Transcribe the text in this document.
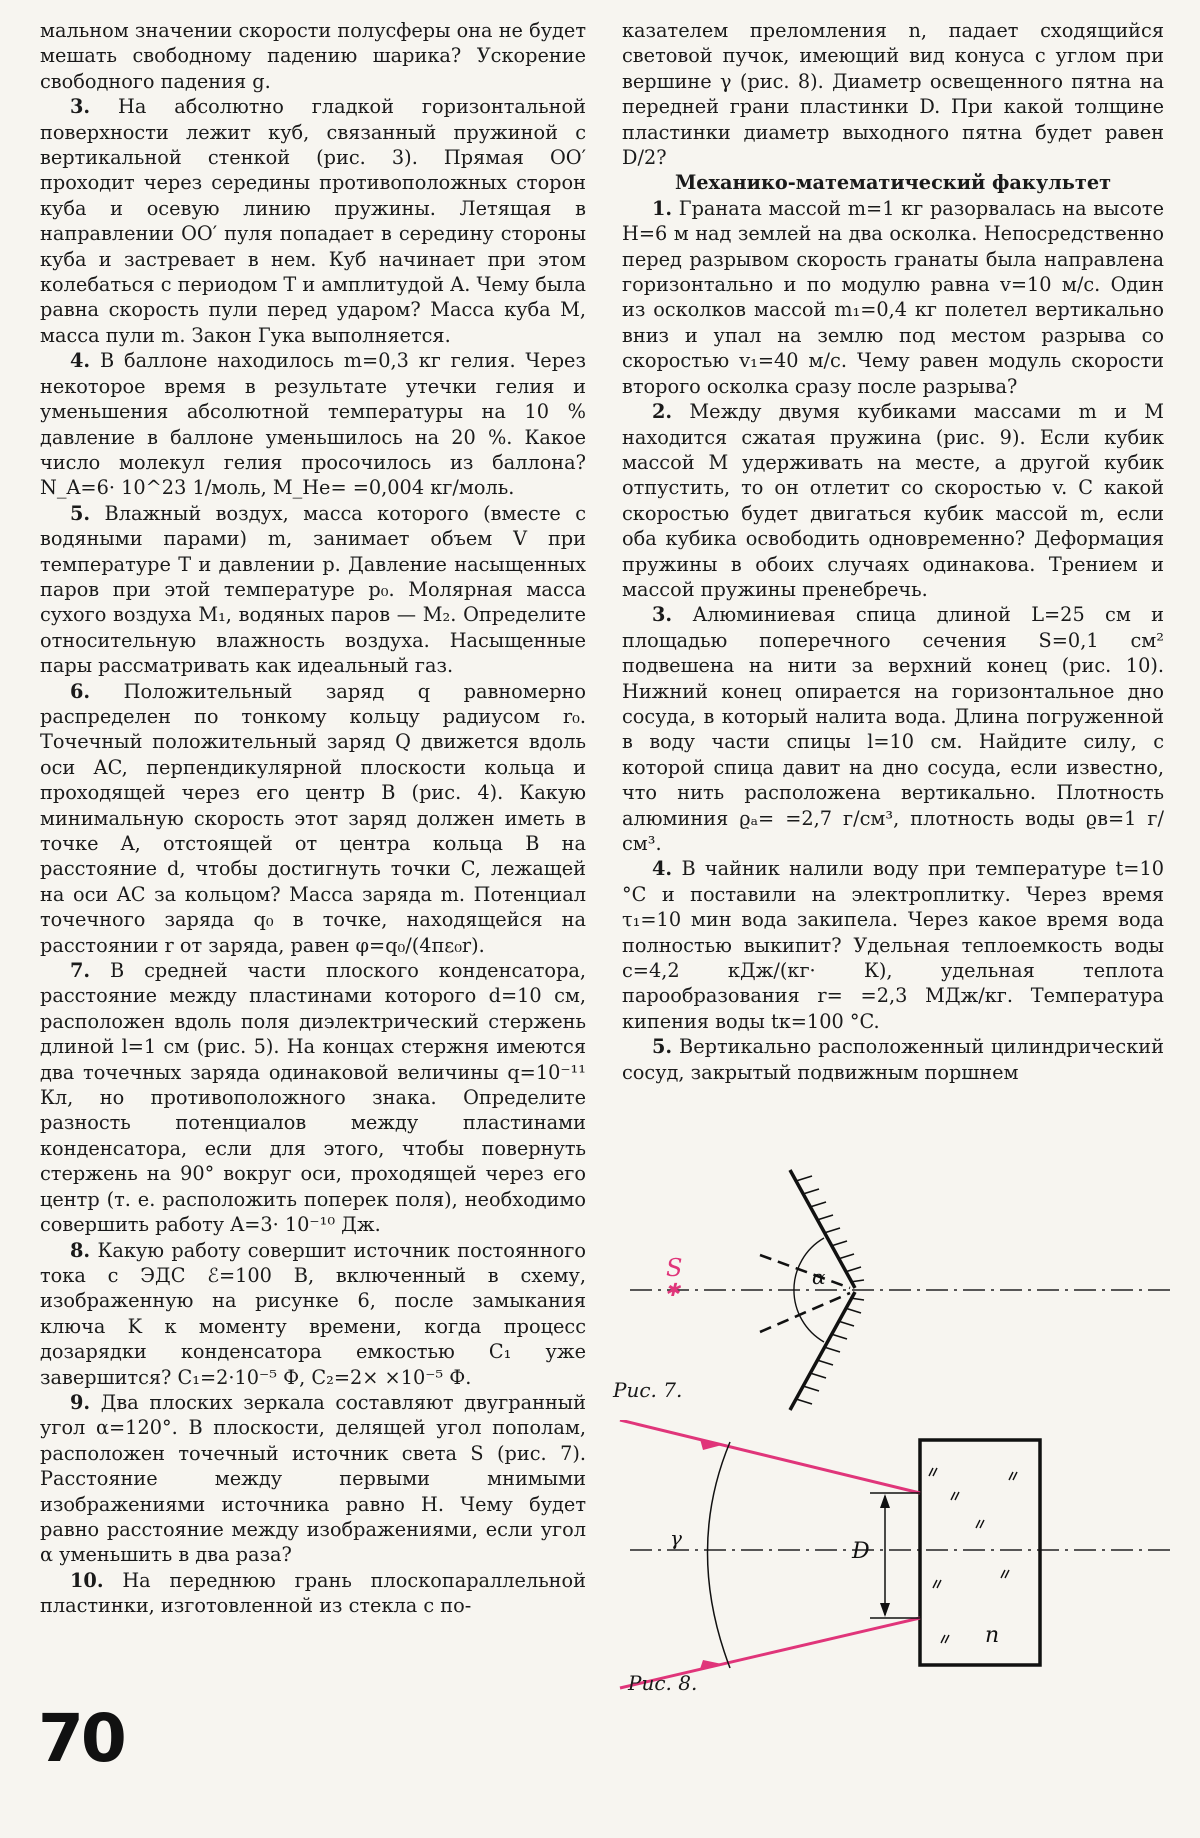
мальном значении скорости полусферы она не будет мешать свободному падению шарика? Ускорение свободного падения g.

3. На абсолютно гладкой горизонтальной поверхности лежит куб, связанный пружиной с вертикальной стенкой (рис. 3). Прямая OO′ проходит через середины противоположных сторон куба и осевую линию пружины. Летящая в направлении OO′ пуля попадает в середину стороны куба и застревает в нем. Куб начинает при этом колебаться с периодом T и амплитудой A. Чему была равна скорость пули перед ударом? Масса куба M, масса пули m. Закон Гука выполняется.

4. В баллоне находилось m=0,3 кг гелия. Через некоторое время в результате утечки гелия и уменьшения абсолютной температуры на 10 % давление в баллоне уменьшилось на 20 %. Какое число молекул гелия просочилось из баллона? N_A=6· 10^23 1/моль, M_He= =0,004 кг/моль.

5. Влажный воздух, масса которого (вместе с водяными парами) m, занимает объем V при температуре T и давлении p. Давление насыщенных паров при этой температуре p₀. Молярная масса сухого воздуха M₁, водяных паров — M₂. Определите относительную влажность воздуха. Насыщенные пары рассматривать как идеальный газ.

6. Положительный заряд q равномерно распределен по тонкому кольцу радиусом r₀. Точечный положительный заряд Q движется вдоль оси AC, перпендикулярной плоскости кольца и проходящей через его центр B (рис. 4). Какую минимальную скорость этот заряд должен иметь в точке A, отстоящей от центра кольца B на расстояние d, чтобы достигнуть точки C, лежащей на оси AC за кольцом? Масса заряда m. Потенциал точечного заряда q₀ в точке, находящейся на расстоянии r от заряда, равен φ=q₀/(4πε₀r).

7. В средней части плоского конденсатора, расстояние между пластинами которого d=10 см, расположен вдоль поля диэлектрический стержень длиной l=1 см (рис. 5). На концах стержня имеются два точечных заряда одинаковой величины q=10⁻¹¹ Кл, но противоположного знака. Определите разность потенциалов между пластинами конденсатора, если для этого, чтобы повернуть стержень на 90° вокруг оси, проходящей через его центр (т. е. расположить поперек поля), необходимо совершить работу A=3· 10⁻¹⁰ Дж.

8. Какую работу совершит источник постоянного тока с ЭДС ℰ=100 В, включенный в схему, изображенную на рисунке 6, после замыкания ключа K к моменту времени, когда процесс дозарядки конденсатора емкостью C₁ уже завершится? C₁=2·10⁻⁵ Ф, C₂=2× ×10⁻⁵ Ф.

9. Два плоских зеркала составляют двугранный угол α=120°. В плоскости, делящей угол пополам, расположен точечный источник света S (рис. 7). Расстояние между первыми мнимыми изображениями источника равно H. Чему будет равно расстояние между изображениями, если угол α уменьшить в два раза?

10. На переднюю грань плоскопараллельной пластинки, изготовленной из стекла с по-

казателем преломления n, падает сходящийся световой пучок, имеющий вид конуса с углом при вершине γ (рис. 8). Диаметр освещенного пятна на передней грани пластинки D. При какой толщине пластинки диаметр выходного пятна будет равен D/2?

Механико-математический факультет

1. Граната массой m=1 кг разорвалась на высоте H=6 м над землей на два осколка. Непосредственно перед разрывом скорость гранаты была направлена горизонтально и по модулю равна v=10 м/с. Один из осколков массой m₁=0,4 кг полетел вертикально вниз и упал на землю под местом разрыва со скоростью v₁=40 м/с. Чему равен модуль скорости второго осколка сразу после разрыва?

2. Между двумя кубиками массами m и M находится сжатая пружина (рис. 9). Если кубик массой M удерживать на месте, а другой кубик отпустить, то он отлетит со скоростью v. С какой скоростью будет двигаться кубик массой m, если оба кубика освободить одновременно? Деформация пружины в обоих случаях одинакова. Трением и массой пружины пренебречь.

3. Алюминиевая спица длиной L=25 см и площадью поперечного сечения S=0,1 см² подвешена на нити за верхний конец (рис. 10). Нижний конец опирается на горизонтальное дно сосуда, в который налита вода. Длина погруженной в воду части спицы l=10 см. Найдите силу, с которой спица давит на дно сосуда, если известно, что нить расположена вертикально. Плотность алюминия ϱₐ= =2,7 г/см³, плотность воды ϱв=1 г/см³.

4. В чайник налили воду при температуре t=10 °C и поставили на электроплитку. Через время τ₁=10 мин вода закипела. Через какое время вода полностью выкипит? Удельная теплоемкость воды c=4,2 кДж/(кг· К), удельная теплота парообразования r= =2,3 МДж/кг. Температура кипения воды tк=100 °C.

5. Вертикально расположенный цилиндрический сосуд, закрытый подвижным поршнем

✱
S	α
Рис. 7.
γ
D
n
Рис. 8.
70
